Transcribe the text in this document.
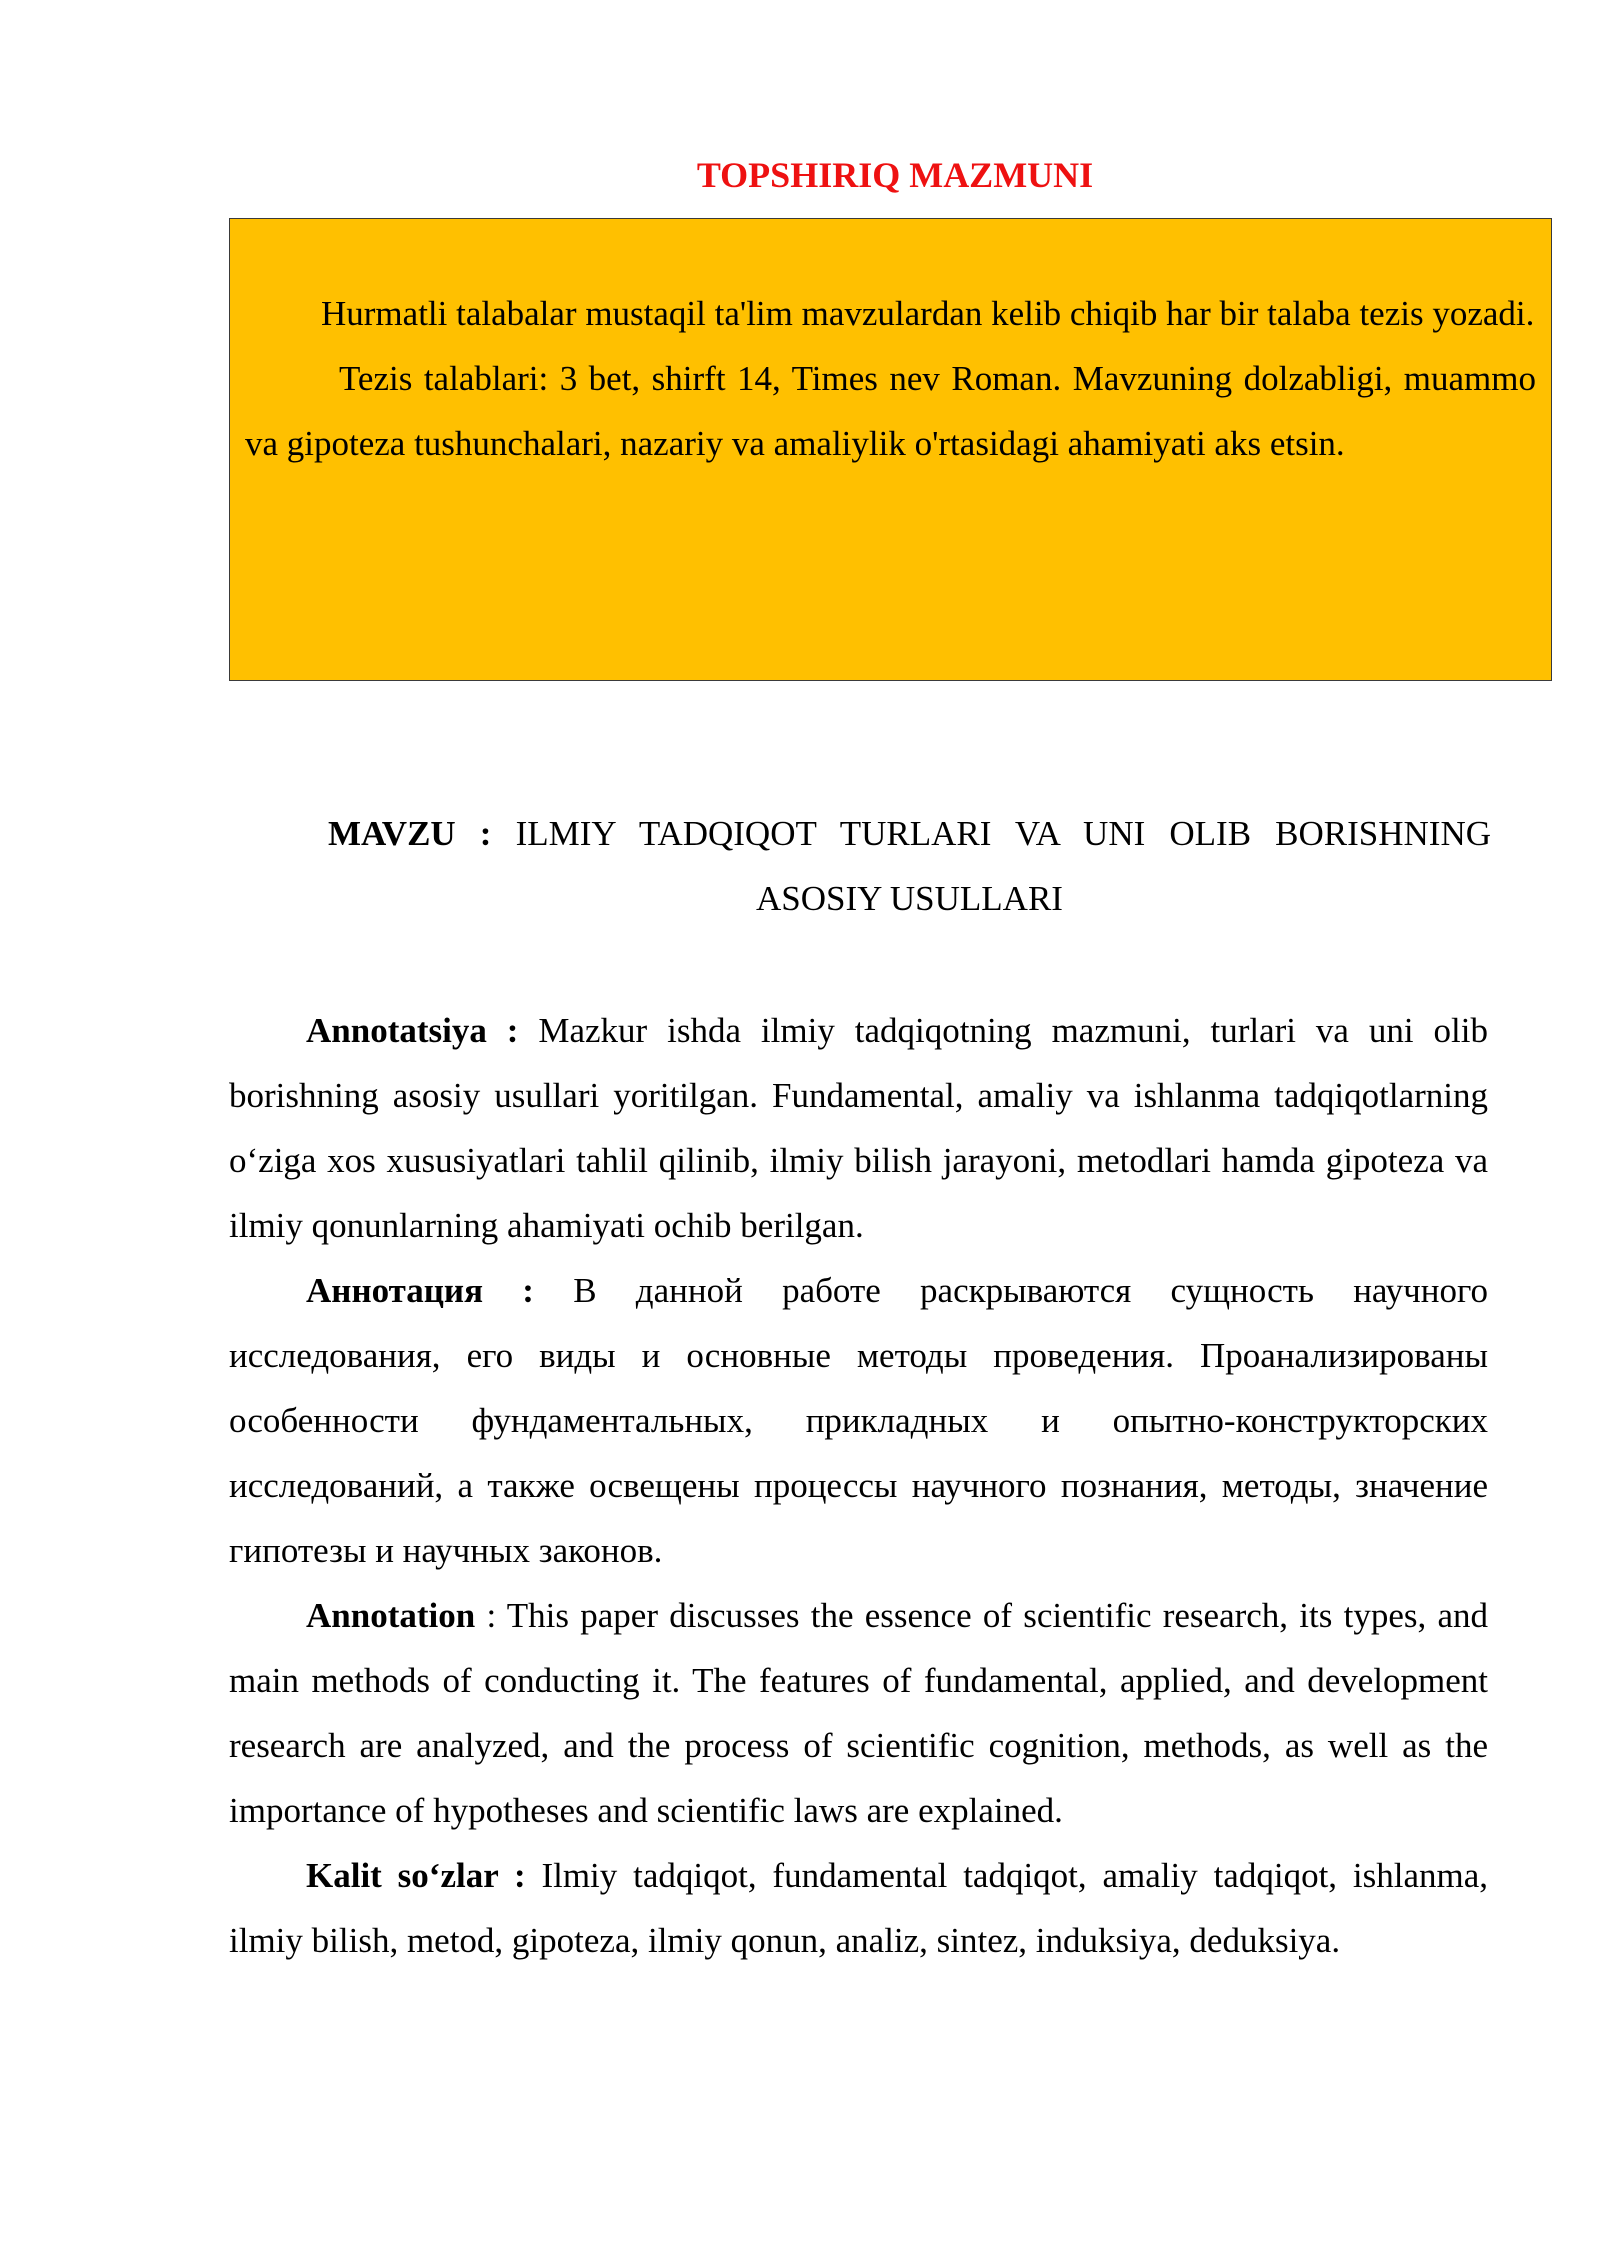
TOPSHIRIQ MAZMUNI

Hurmatli talabalar mustaqil ta'lim mavzulardan kelib chiqib har bir talaba tezis yozadi.

Tezis talablari: 3 bet, shirft 14, Times nev Roman. Mavzuning dolzabligi, muammo va gipoteza tushunchalari, nazariy va amaliylik o'rtasidagi ahamiyati aks etsin.

MAVZU : ILMIY TADQIQOT TURLARI VA UNI OLIB BORISHNING
ASOSIY USULLARI

Annotatsiya : Mazkur ishda ilmiy tadqiqotning mazmuni, turlari va uni olib borishning asosiy usullari yoritilgan. Fundamental, amaliy va ishlanma tadqiqotlarning o‘ziga xos xususiyatlari tahlil qilinib, ilmiy bilish jarayoni, metodlari hamda gipoteza va ilmiy qonunlarning ahamiyati ochib berilgan.

Аннотация : В данной работе раскрываются сущность научного исследования, его виды и основные методы проведения. Проанализированы особенности фундаментальных, прикладных и опытно-конструкторских исследований, а также освещены процессы научного познания, методы, значение гипотезы и научных законов.

Annotation : This paper discusses the essence of scientific research, its types, and main methods of conducting it. The features of fundamental, applied, and development research are analyzed, and the process of scientific cognition, methods, as well as the importance of hypotheses and scientific laws are explained.

Kalit so‘zlar : Ilmiy tadqiqot, fundamental tadqiqot, amaliy tadqiqot, ishlanma, ilmiy bilish, metod, gipoteza, ilmiy qonun, analiz, sintez, induksiya, deduksiya.
